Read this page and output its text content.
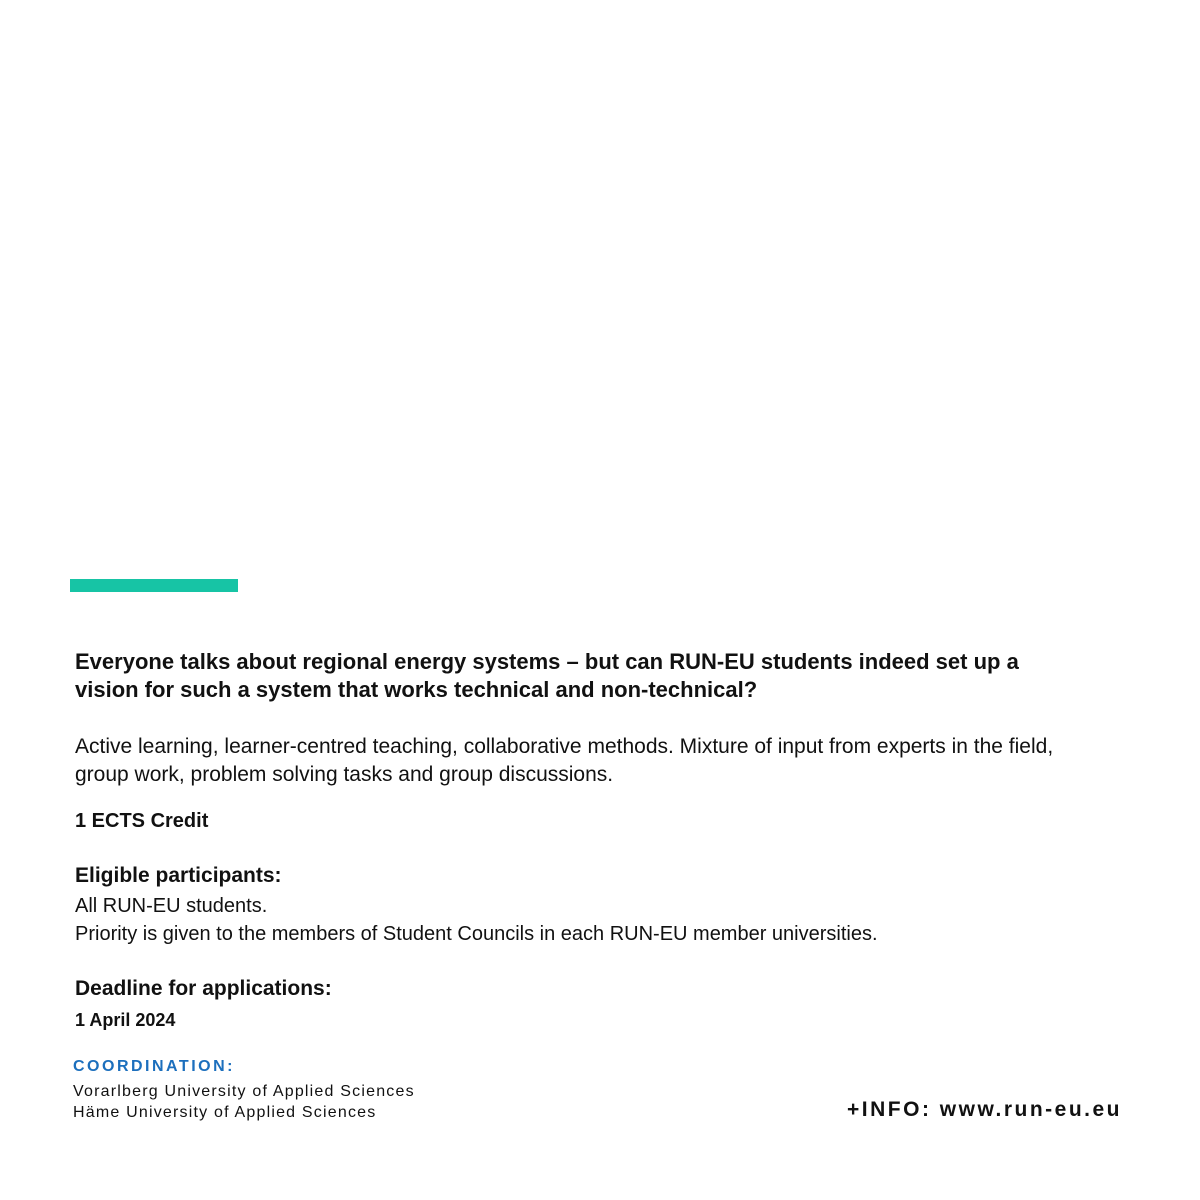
Everyone talks about regional energy systems – but can RUN-EU students indeed set up a vision for such a system that works technical and non-technical?

Active learning, learner-centred teaching, collaborative methods. Mixture of input from experts in the field, group work, problem solving tasks and group discussions.

1 ECTS Credit

Eligible participants:

All RUN-EU students.

Priority is given to the members of Student Councils in each RUN-EU member universities.

Deadline for applications:

1 April 2024

COORDINATION:

Vorarlberg University of Applied Sciences

Häme University of Applied Sciences	+INFO: www.run-eu.eu
